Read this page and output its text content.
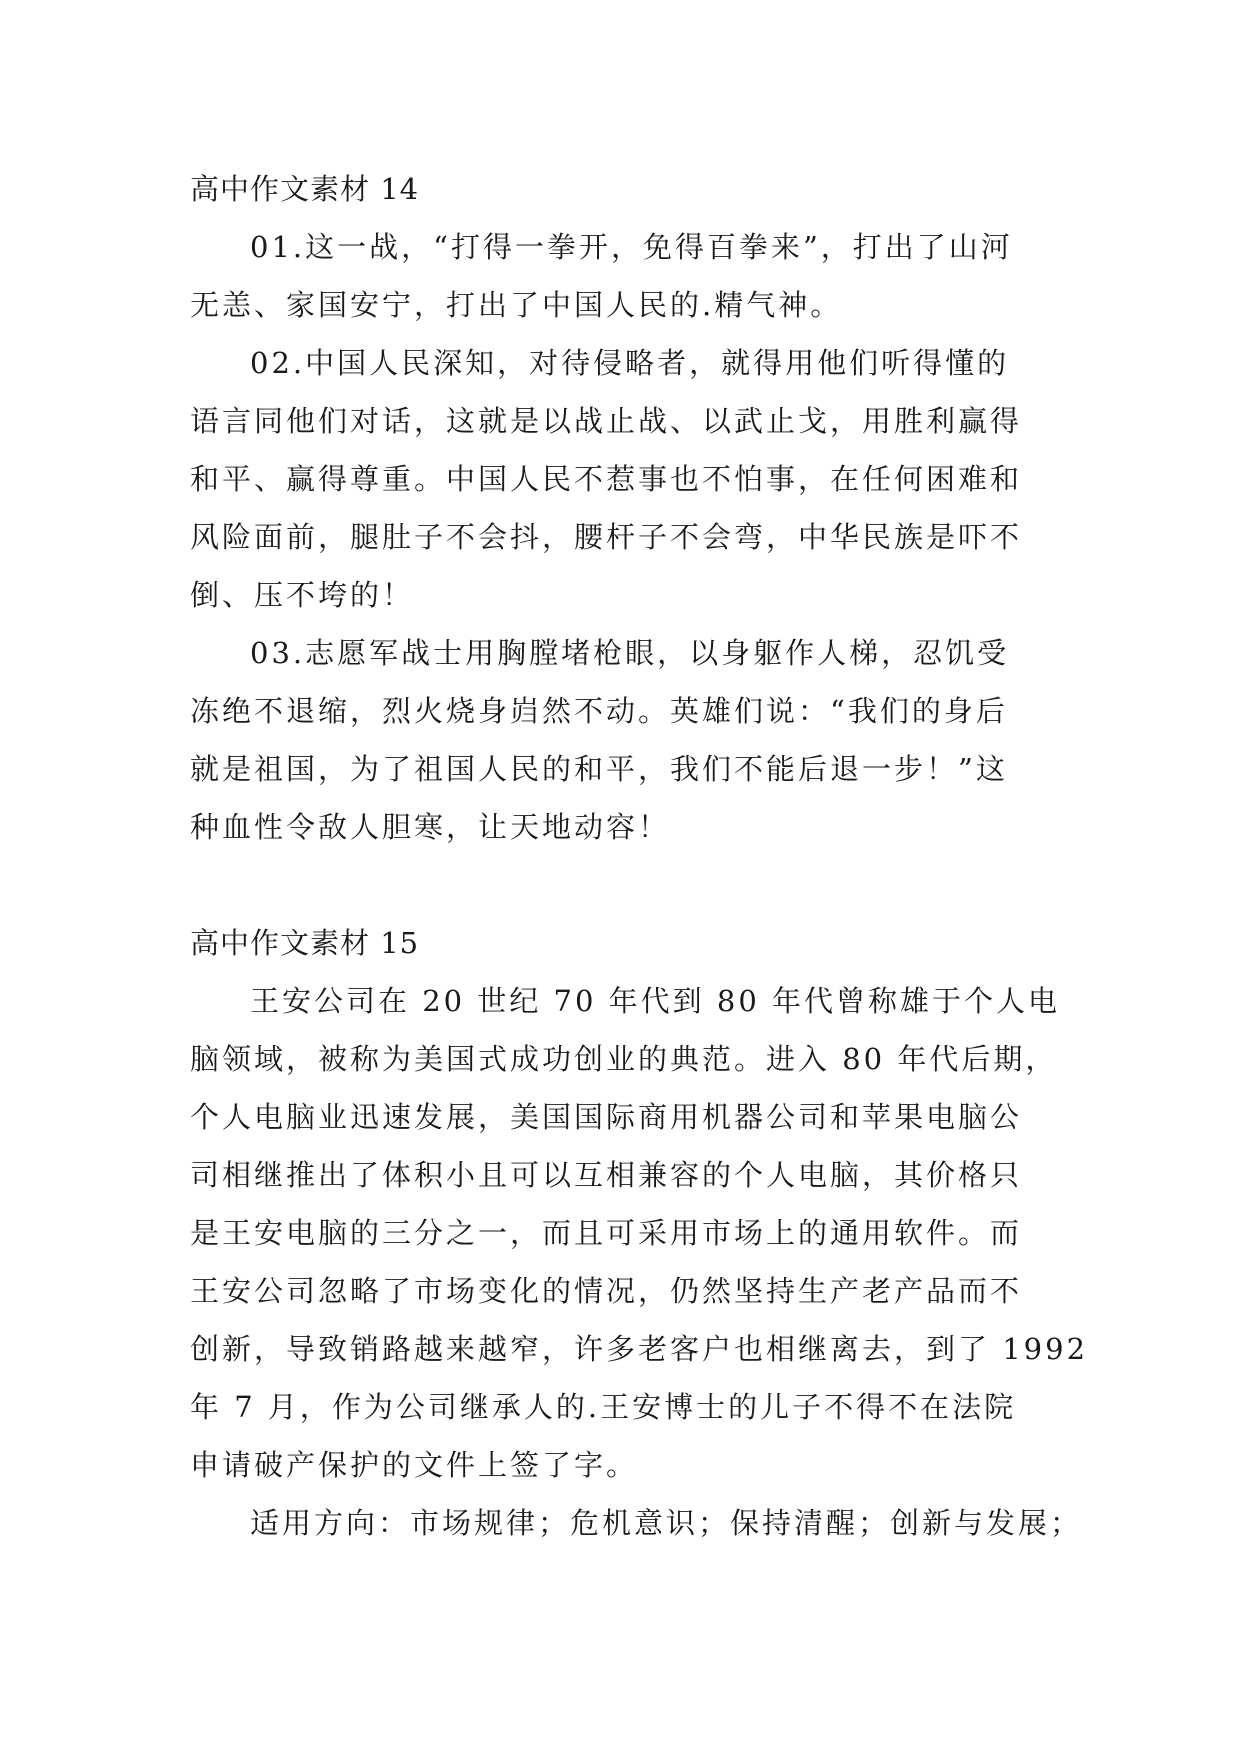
高中作文素材 14

01.这一战，“打得一拳开，免得百拳来”，打出了山河

无恙、家国安宁，打出了中国人民的.精气神。

02.中国人民深知，对待侵略者，就得用他们听得懂的

语言同他们对话，这就是以战止战、以武止戈，用胜利赢得

和平、赢得尊重。中国人民不惹事也不怕事，在任何困难和

风险面前，腿肚子不会抖，腰杆子不会弯，中华民族是吓不

倒、压不垮的！

03.志愿军战士用胸膛堵枪眼，以身躯作人梯，忍饥受

冻绝不退缩，烈火烧身岿然不动。英雄们说：“我们的身后

就是祖国，为了祖国人民的和平，我们不能后退一步！”这

种血性令敌人胆寒，让天地动容！

高中作文素材 15

王安公司在 20 世纪 70 年代到 80 年代曾称雄于个人电

脑领域，被称为美国式成功创业的典范。进入 80 年代后期，

个人电脑业迅速发展，美国国际商用机器公司和苹果电脑公

司相继推出了体积小且可以互相兼容的个人电脑，其价格只

是王安电脑的三分之一，而且可采用市场上的通用软件。而

王安公司忽略了市场变化的情况，仍然坚持生产老产品而不

创新，导致销路越来越窄，许多老客户也相继离去，到了 1992

年 7 月，作为公司继承人的.王安博士的儿子不得不在法院

申请破产保护的文件上签了字。

适用方向：市场规律；危机意识；保持清醒；创新与发展；
